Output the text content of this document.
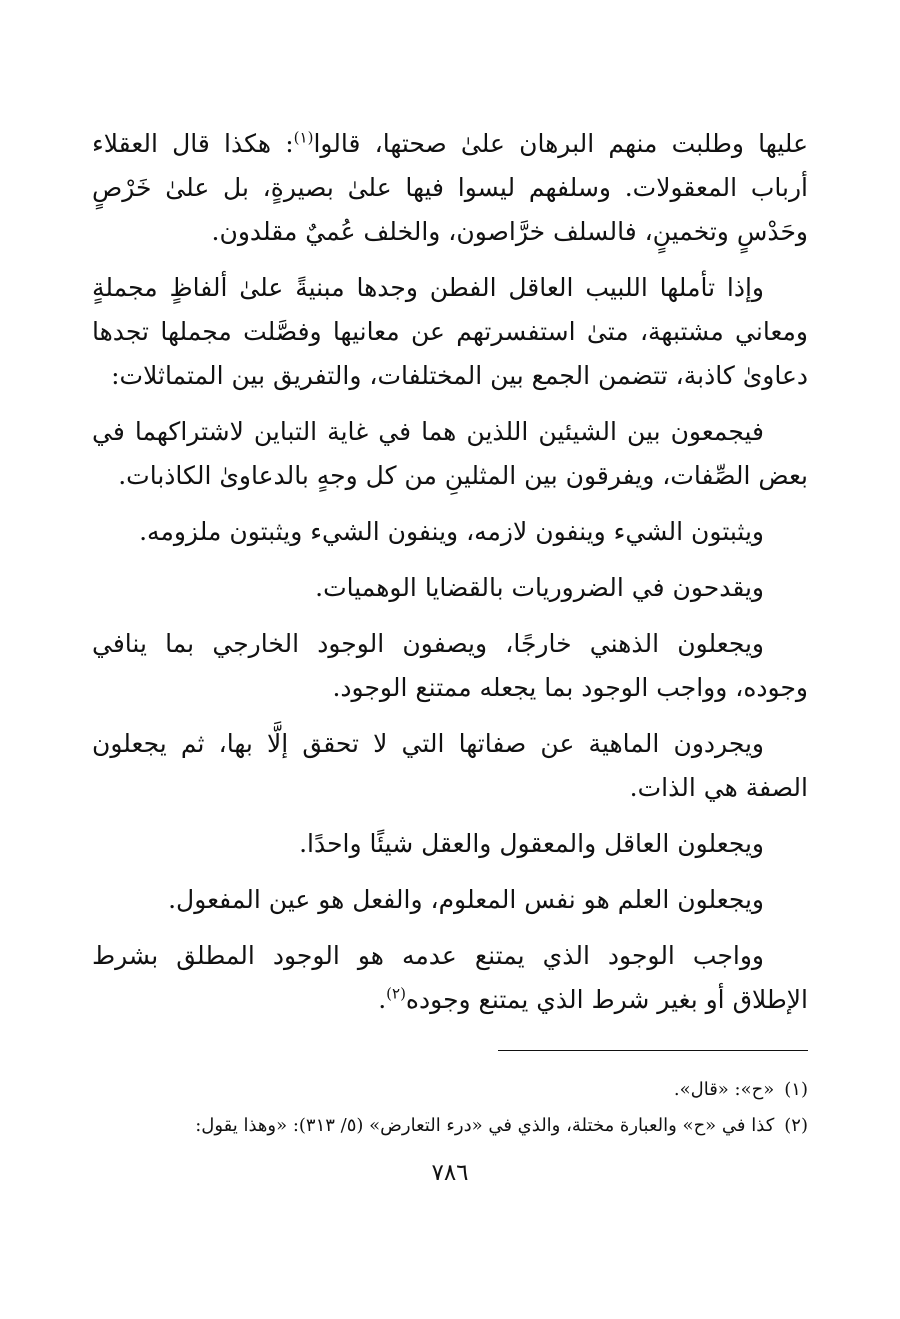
عليها وطلبت منهم البرهان علىٰ صحتها، قالوا$^{(١)}$: هكذا قال العقلاء أرباب المعقولات. وسلفهم ليسوا فيها علىٰ بصيرةٍ، بل علىٰ خَرْصٍ وحَدْسٍ وتخمينٍ، فالسلف خرَّاصون، والخلف عُميٌ مقلدون.

وإذا تأملها اللبيب العاقل الفطن وجدها مبنيةً علىٰ ألفاظٍ مجملةٍ ومعاني مشتبهة، متىٰ استفسرتهم عن معانيها وفصَّلت مجملها تجدها دعاوىٰ كاذبة، تتضمن الجمع بين المختلفات، والتفريق بين المتماثلات:

فيجمعون بين الشيئين اللذين هما في غاية التباين لاشتراكهما في بعض الصِّفات، ويفرقون بين المثلينِ من كل وجهٍ بالدعاوىٰ الكاذبات.

ويثبتون الشيء وينفون لازمه، وينفون الشيء ويثبتون ملزومه.

ويقدحون في الضروريات بالقضايا الوهميات.

ويجعلون الذهني خارجًا، ويصفون الوجود الخارجي بما ينافي وجوده، وواجب الوجود بما يجعله ممتنع الوجود.

ويجردون الماهية عن صفاتها التي لا تحقق إلَّا بها، ثم يجعلون الصفة هي الذات.

ويجعلون العاقل والمعقول والعقل شيئًا واحدًا.

ويجعلون العلم هو نفس المعلوم، والفعل هو عين المفعول.

وواجب الوجود الذي يمتنع عدمه هو الوجود المطلق بشرط الإطلاق أو بغير شرط الذي يمتنع وجوده$^{(٢)}$.

(١)«ح»: «قال».

(٢)كذا في «ح» والعبارة مختلة، والذي في «درء التعارض» (٥/ ٣١٣): «وهذا يقول:

٧٨٦
